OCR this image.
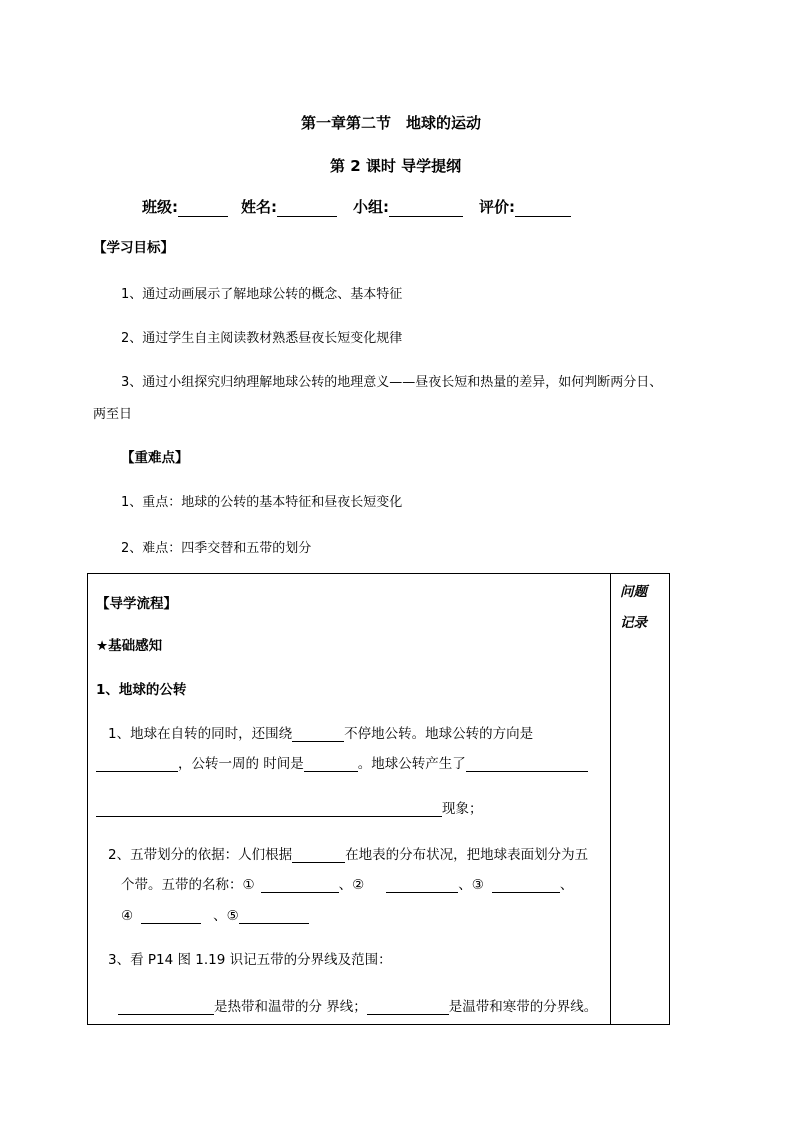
第一章第二节　地球的运动
第 2 课时 导学提纲
班级:	姓名:	小组:	评价:
【学习目标】
1、通过动画展示了解地球公转的概念、基本特征
2、通过学生自主阅读教材熟悉昼夜长短变化规律
3、通过小组探究归纳理解地球公转的地理意义——昼夜长短和热量的差异，如何判断两分日、
两至日
【重难点】
1、重点：地球的公转的基本特征和昼夜长短变化
2、难点：四季交替和五带的划分
问题
记录
【导学流程】
★基础感知
1、地球的公转
1、地球在自转的同时，还围绕	不停地公转。地球公转的方向是
，公转一周的 时间是	。地球公转产生了
现象；
2、五带划分的依据：人们根据	在地表的分布状况，把地球表面划分为五
个带。五带的名称：①	、②	、③	、
④	、⑤
3、看 P14 图 1.19 识记五带的分界线及范围：
是热带和温带的分 界线；	是温带和寒带的分界线。
